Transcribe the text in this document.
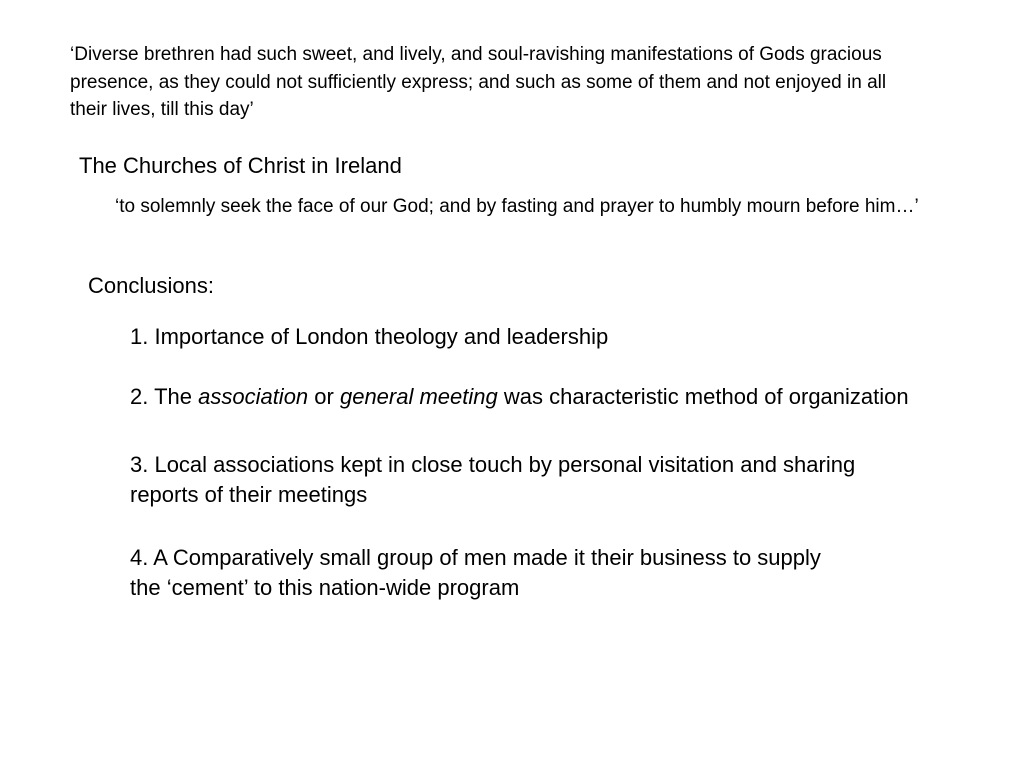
‘Diverse brethren had such sweet, and lively, and soul-ravishing manifestations of Gods gracious
presence, as they could not sufficiently express; and such as some of them and not enjoyed in all
their lives, till this day’
The Churches of Christ in Ireland
‘to solemnly seek the face of our God; and by fasting and prayer to humbly mourn before him…’
Conclusions:
1. Importance of London theology and leadership
2. The association or general meeting was characteristic method of organization
3. Local associations kept in close touch by personal visitation and sharing
reports of their meetings
4. A Comparatively small group of men made it their business to supply
the ‘cement’ to this nation-wide program
